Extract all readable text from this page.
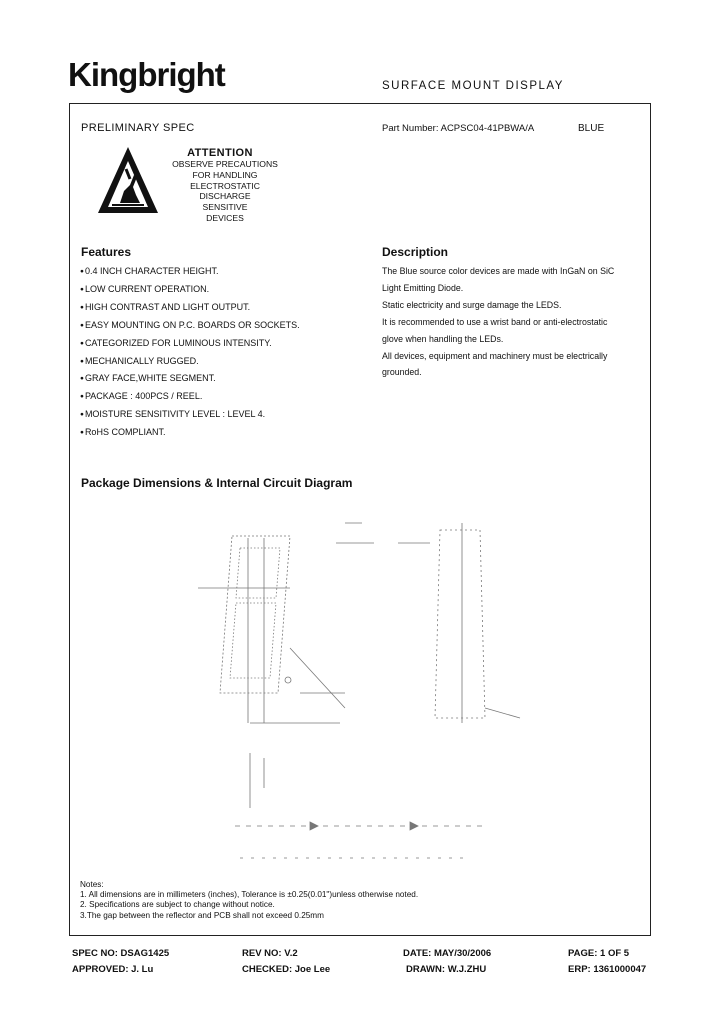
Kingbright	SURFACE MOUNT DISPLAY
PRELIMINARY SPEC	Part Number: ACPSC04-41PBWA/A	BLUE
ATTENTION
OBSERVE PRECAUTIONS
FOR HANDLING
ELECTROSTATIC
DISCHARGE
SENSITIVE
DEVICES
Features
● 0.4 INCH CHARACTER HEIGHT.
● LOW CURRENT OPERATION.
● HIGH CONTRAST AND LIGHT OUTPUT.
● EASY MOUNTING ON P.C. BOARDS OR SOCKETS.
● CATEGORIZED FOR LUMINOUS INTENSITY.
● MECHANICALLY RUGGED.
● GRAY FACE,WHITE SEGMENT.
● PACKAGE : 400PCS / REEL.
● MOISTURE SENSITIVITY LEVEL : LEVEL 4.
● RoHS COMPLIANT.
Description
The Blue source color devices are made with InGaN on SiC
Light Emitting Diode.
Static electricity and surge damage the LEDS.
It is recommended to use a wrist band or anti-electrostatic
glove when handling the LEDs.
All devices, equipment and machinery must be electrically
grounded.
Package Dimensions & Internal Circuit Diagram
Notes:
1. All dimensions are in millimeters (inches), Tolerance is ±0.25(0.01")unless otherwise noted.
2. Specifications are subject to change without notice.
3.The gap between the reflector and PCB shall not exceed 0.25mm
SPEC NO: DSAG1425	REV NO: V.2	DATE: MAY/30/2006	PAGE: 1 OF 5
APPROVED: J. Lu	CHECKED: Joe Lee	DRAWN: W.J.ZHU	ERP: 1361000047
